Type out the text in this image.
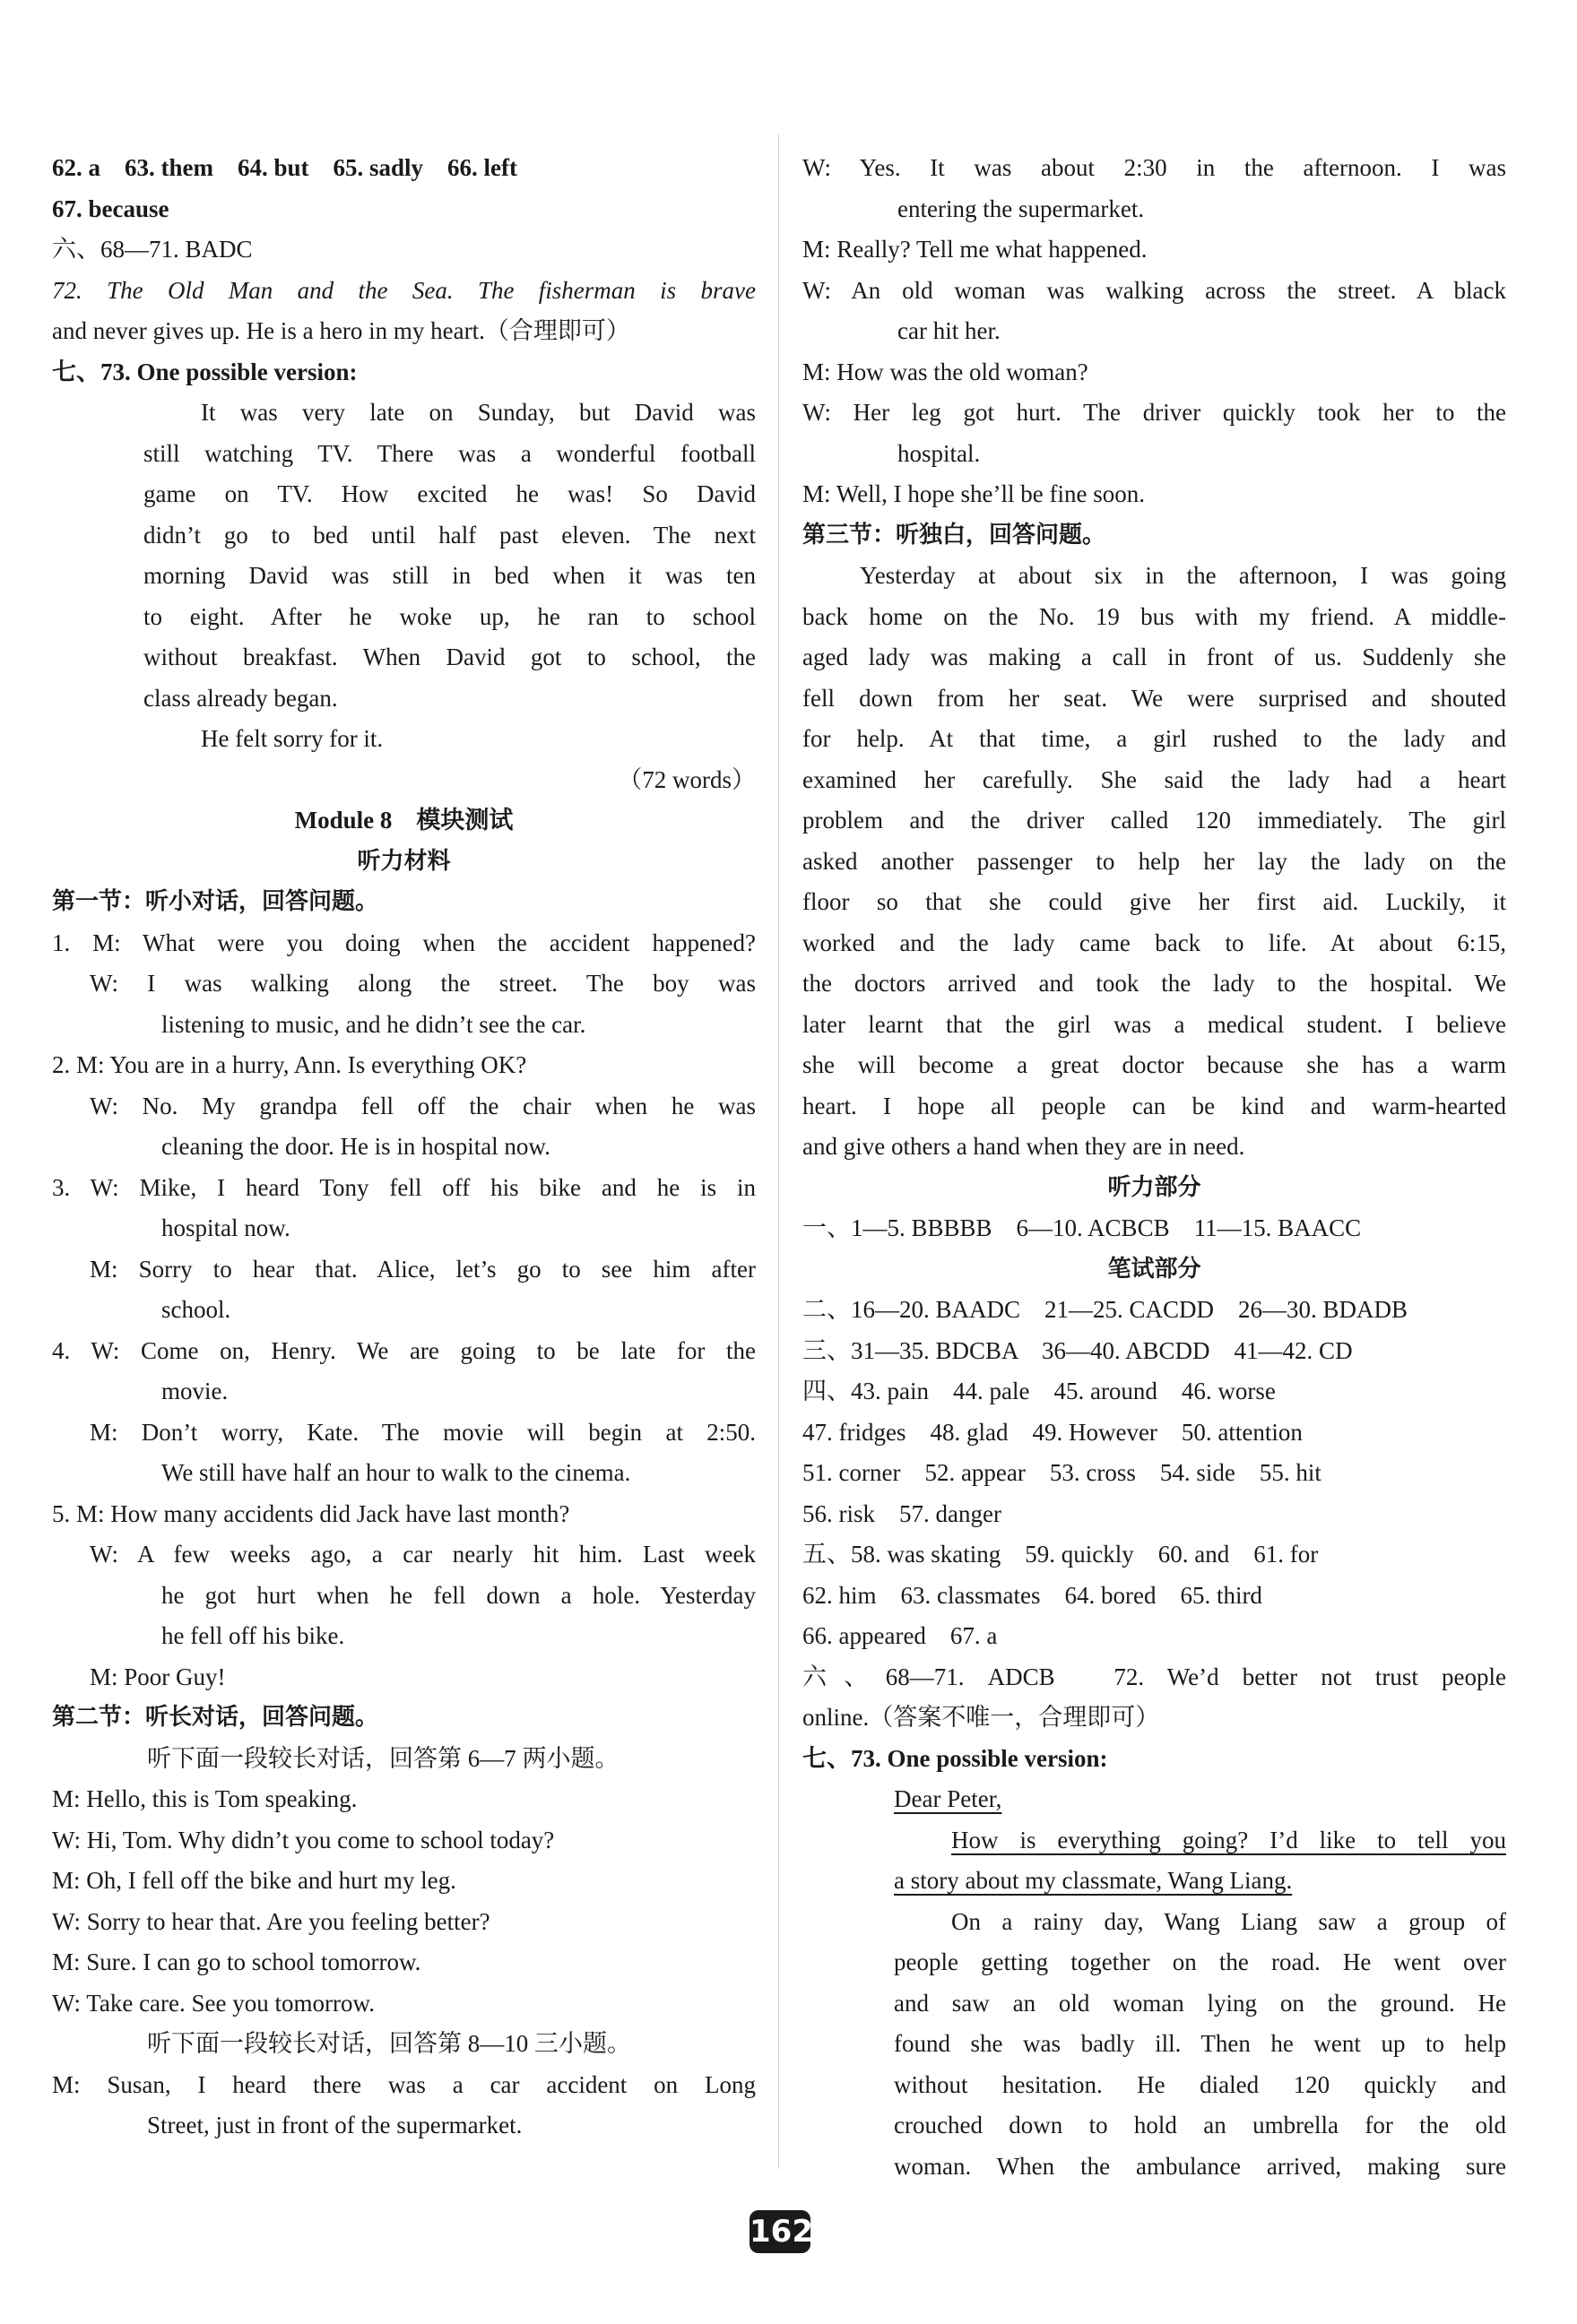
62. a　63. them　64. but　65. sadly　66. left
67. because
六、68—71. BADC
72. The Old Man and the Sea. The fisherman is brave
and never gives up. He is a hero in my heart.（合理即可）
七、73. One possible version:
It was very late on Sunday, but David was
still watching TV. There was a wonderful football
game on TV. How excited he was! So David
didn’t go to bed until half past eleven. The next
morning David was still in bed when it was ten
to eight. After he woke up, he ran to school
without breakfast. When David got to school, the
class already began.
He felt sorry for it.
（72 words）
Module 8　模块测试
听力材料
第一节：听小对话，回答问题。
1. M: What were you doing when the accident happened?
W: I was walking along the street. The boy was
listening to music, and he didn’t see the car.
2. M: You are in a hurry, Ann. Is everything OK?
W: No. My grandpa fell off the chair when he was
cleaning the door. He is in hospital now.
3. W: Mike, I heard Tony fell off his bike and he is in
hospital now.
M: Sorry to hear that. Alice, let’s go to see him after
school.
4. W: Come on, Henry. We are going to be late for the
movie.
M: Don’t worry, Kate. The movie will begin at 2:50.
We still have half an hour to walk to the cinema.
5. M: How many accidents did Jack have last month?
W: A few weeks ago, a car nearly hit him. Last week
he got hurt when he fell down a hole. Yesterday
he fell off his bike.
M: Poor Guy!
第二节：听长对话，回答问题。
听下面一段较长对话，回答第 6—7 两小题。
M: Hello, this is Tom speaking.
W: Hi, Tom. Why didn’t you come to school today?
M: Oh, I fell off the bike and hurt my leg.
W: Sorry to hear that. Are you feeling better?
M: Sure. I can go to school tomorrow.
W: Take care. See you tomorrow.
听下面一段较长对话，回答第 8—10 三小题。
M: Susan, I heard there was a car accident on Long
Street, just in front of the supermarket.
W: Yes. It was about 2:30 in the afternoon. I was
entering the supermarket.
M: Really? Tell me what happened.
W: An old woman was walking across the street. A black
car hit her.
M: How was the old woman?
W: Her leg got hurt. The driver quickly took her to the
hospital.
M: Well, I hope she’ll be fine soon.
第三节：听独白，回答问题。
Yesterday at about six in the afternoon, I was going
back home on the No. 19 bus with my friend. A middle-
aged lady was making a call in front of us. Suddenly she
fell down from her seat. We were surprised and shouted
for help. At that time, a girl rushed to the lady and
examined her carefully. She said the lady had a heart
problem and the driver called 120 immediately. The girl
asked another passenger to help her lay the lady on the
floor so that she could give her first aid. Luckily, it
worked and the lady came back to life. At about 6:15,
the doctors arrived and took the lady to the hospital. We
later learnt that the girl was a medical student. I believe
she will become a great doctor because she has a warm
heart. I hope all people can be kind and warm-hearted
and give others a hand when they are in need.
听力部分
一、1—5. BBBBB　6—10. ACBCB　11—15. BAACC
笔试部分
二、16—20. BAADC　21—25. CACDD　26—30. BDADB
三、31—35. BDCBA　36—40. ABCDD　41—42. CD
四、43. pain　44. pale　45. around　46. worse
47. fridges　48. glad　49. However　50. attention
51. corner　52. appear　53. cross　54. side　55. hit
56. risk　57. danger
五、58. was skating　59. quickly　60. and　61. for
62. him　63. classmates　64. bored　65. third
66. appeared　67. a
六、68—71. ADCB　72. We’d better not trust people
online.（答案不唯一，合理即可）
七、73. One possible version:
Dear Peter,
How is everything going? I’d like to tell you
a story about my classmate, Wang Liang.
On a rainy day, Wang Liang saw a group of
people getting together on the road. He went over
and saw an old woman lying on the ground. He
found she was badly ill. Then he went up to help
without hesitation. He dialed 120 quickly and
crouched down to hold an umbrella for the old
woman. When the ambulance arrived, making sure
162
